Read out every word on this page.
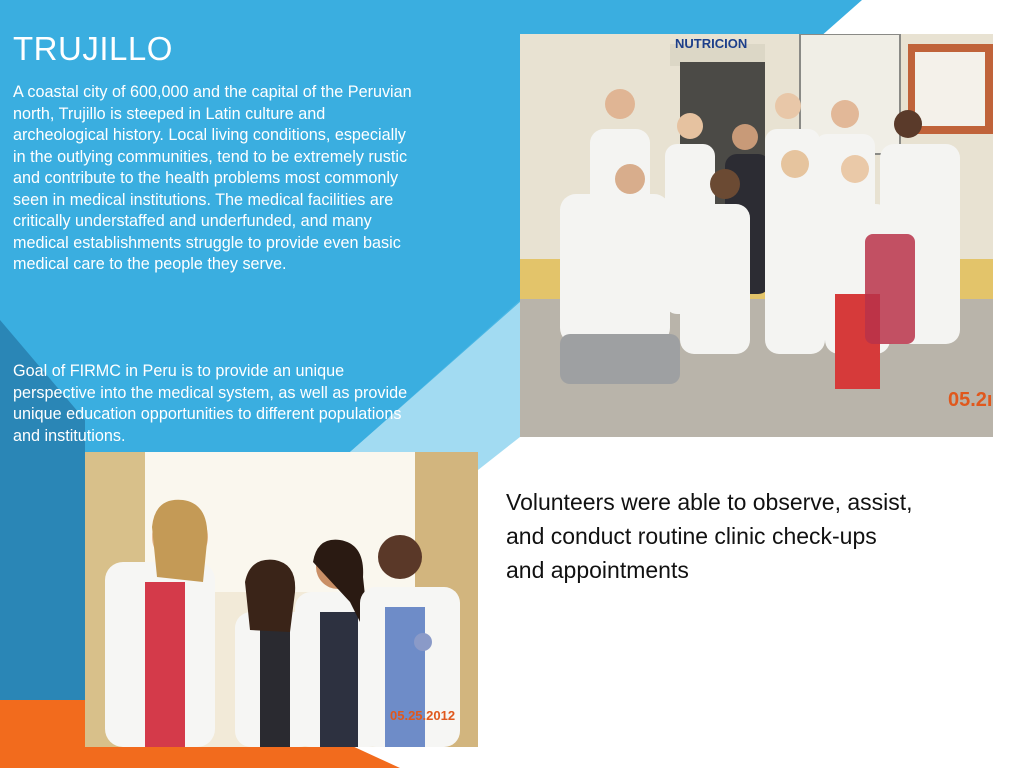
TRUJILLO

A coastal city of 600,000 and the capital of the Peruvian north, Trujillo is steeped in Latin culture and archeological history. Local living conditions, especially in the outlying communities, tend to be extremely rustic and contribute to the health problems most commonly seen in medical institutions. The medical facilities are critically understaffed and underfunded, and many medical establishments struggle to provide even basic medical care to the people they serve.

Goal of FIRMC in Peru is to provide an unique perspective into the medical system, as well as provide unique education opportunities to different populations and institutions.

NUTRICION
05.2ı
05.25.2012

Volunteers were able to observe, assist, and conduct routine clinic check-ups and appointments
